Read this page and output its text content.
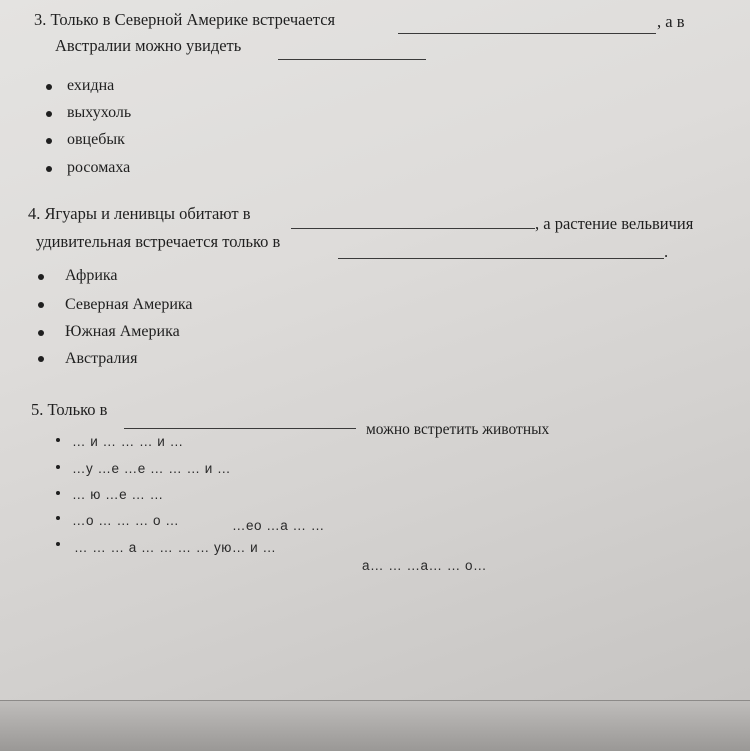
3. Только в Северной Америке встречается	, а в
Австралии можно увидеть
ехидна
выхухоль
овцебык
росомаха
4. Ягуары и ленивцы обитают в
, а растение вельвичия
удивительная встречается только в
.
Африка
Северная Америка
Южная Америка
Австралия
5. Только в
можно встретить животных
… и … … … и …
…у …е …е … … … и …
… ю …е … …
…о … … … о …	…ео …а … …
… … … а … … … … ую… и …
а… … …а… … о…
